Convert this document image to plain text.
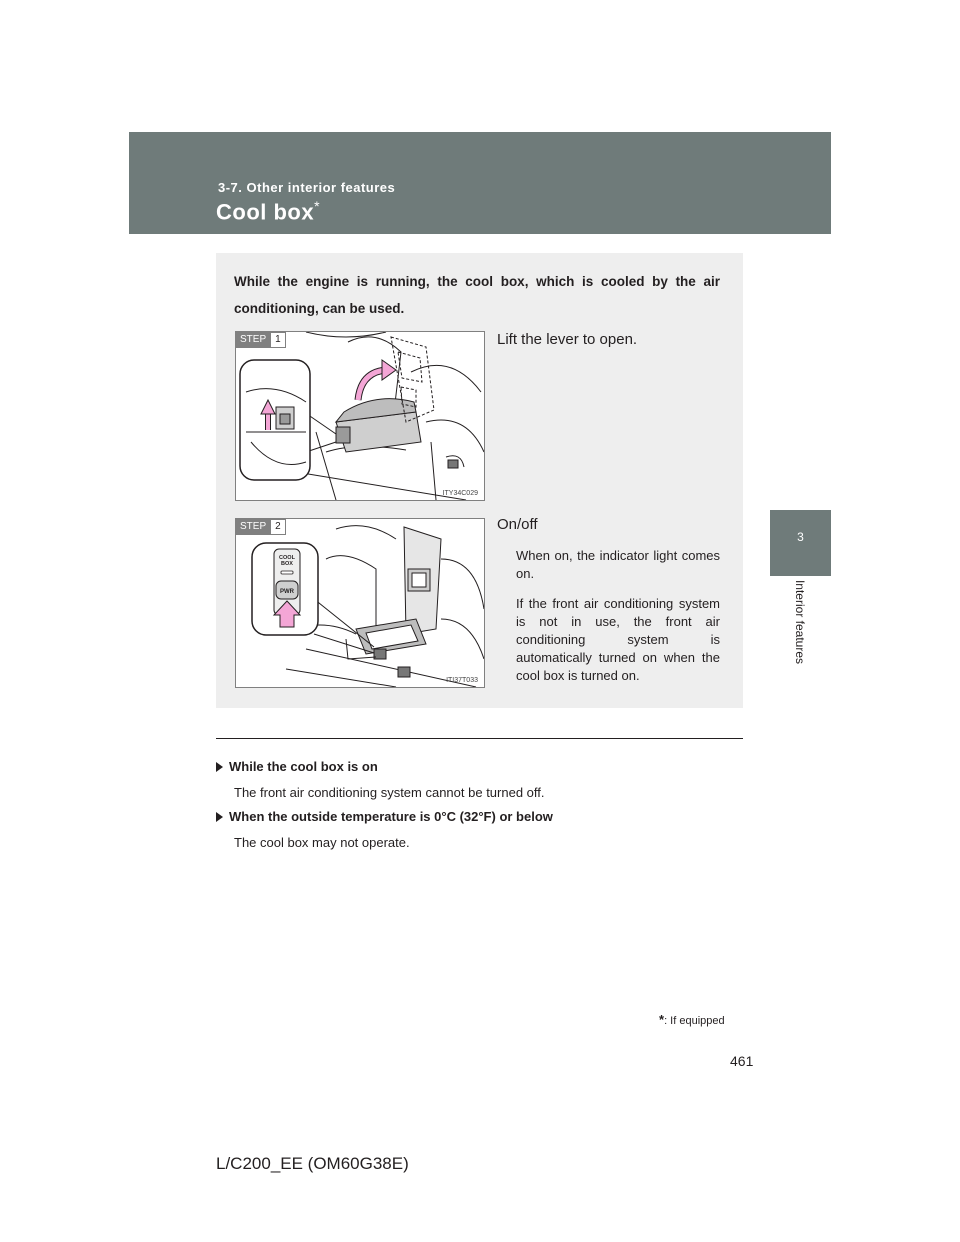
3-7. Other interior features
Cool box*
3
Interior features
While the engine is running, the cool box, which is cooled by the air conditioning, can be used.
STEP 1
ITY34C029
STEP 2
COOL
BOX
PWR
ITI37T033
Lift the lever to open.
On/off
When on, the indicator light comes on.
If the front air conditioning system is not in use, the front air conditioning system is automatically turned on when the cool box is turned on.
While the cool box is on
The front air conditioning system cannot be turned off.
When the outside temperature is 0°C (32°F) or below
The cool box may not operate.
*: If equipped
461
L/C200_EE (OM60G38E)
